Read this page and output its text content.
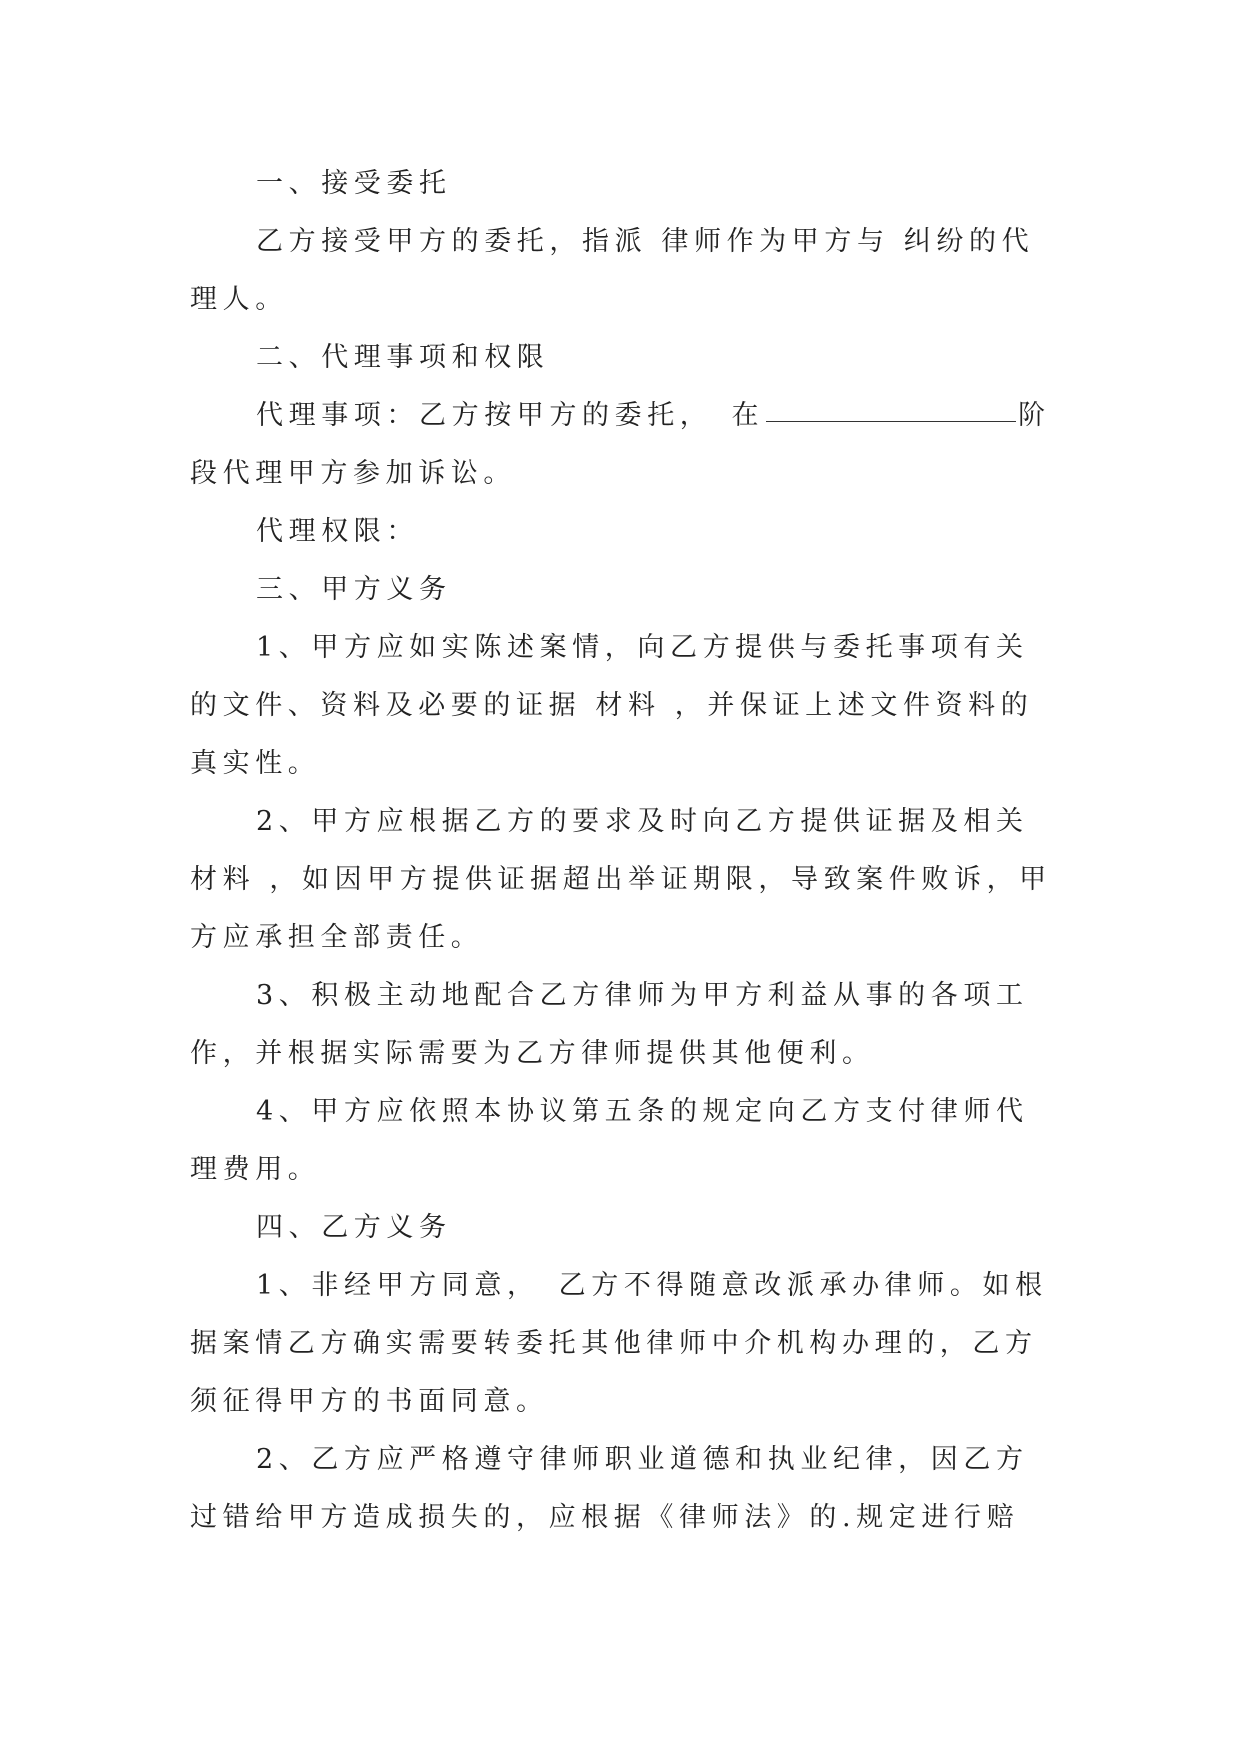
一、接受委托

乙方接受甲方的委托，指派 律师作为甲方与 纠纷的代理人。

二、代理事项和权限

代理事项：乙方按甲方的委托，　在	阶段代理甲方参加诉讼。

代理权限：

三、甲方义务

1、甲方应如实陈述案情，向乙方提供与委托事项有关的文件、资料及必要的证据 材料 ，并保证上述文件资料的真实性。

2、甲方应根据乙方的要求及时向乙方提供证据及相关材料 ，如因甲方提供证据超出举证期限，导致案件败诉，甲方应承担全部责任。

3、积极主动地配合乙方律师为甲方利益从事的各项工作，并根据实际需要为乙方律师提供其他便利。

4、甲方应依照本协议第五条的规定向乙方支付律师代理费用。

四、乙方义务

1、非经甲方同意，　乙方不得随意改派承办律师。如根据案情乙方确实需要转委托其他律师中介机构办理的，乙方须征得甲方的书面同意。

2、乙方应严格遵守律师职业道德和执业纪律，因乙方过错给甲方造成损失的，应根据《律师法》的.规定进行赔
